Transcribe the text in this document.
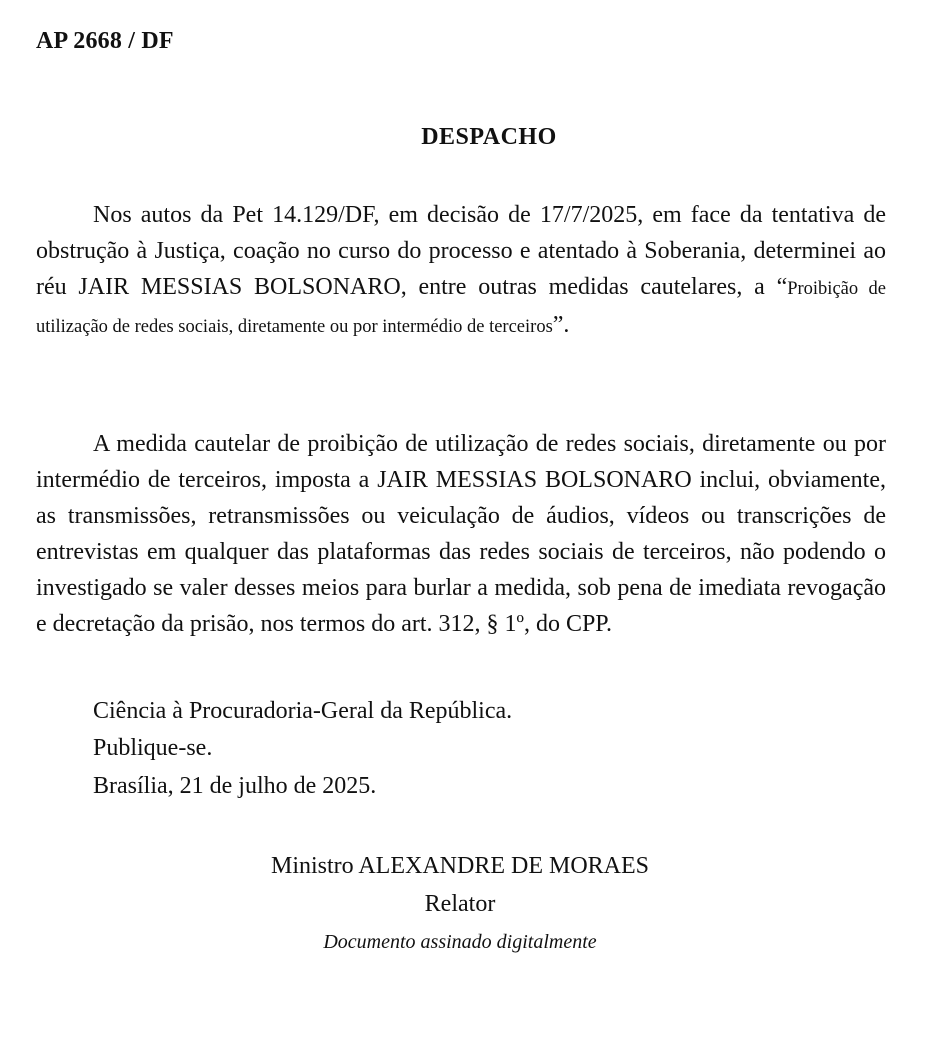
AP 2668 / DF
DESPACHO

Nos autos da Pet 14.129/DF, em decisão de 17/7/2025, em face da tentativa de obstrução à Justiça, coação no curso do processo e atentado à Soberania, determinei ao réu JAIR MESSIAS BOLSONARO, entre outras medidas cautelares, a “Proibição de utilização de redes sociais, diretamente ou por intermédio de terceiros”.

A medida cautelar de proibição de utilização de redes sociais, diretamente ou por intermédio de terceiros, imposta a JAIR MESSIAS BOLSONARO inclui, obviamente, as transmissões, retransmissões ou veiculação de áudios, vídeos ou transcrições de entrevistas em qualquer das plataformas das redes sociais de terceiros, não podendo o investigado se valer desses meios para burlar a medida, sob pena de imediata revogação e decretação da prisão, nos termos do art. 312, § 1º, do CPP.

Ciência à Procuradoria-Geral da República.

Publique-se.

Brasília, 21 de julho de 2025.

Ministro ALEXANDRE DE MORAES

Relator

Documento assinado digitalmente
